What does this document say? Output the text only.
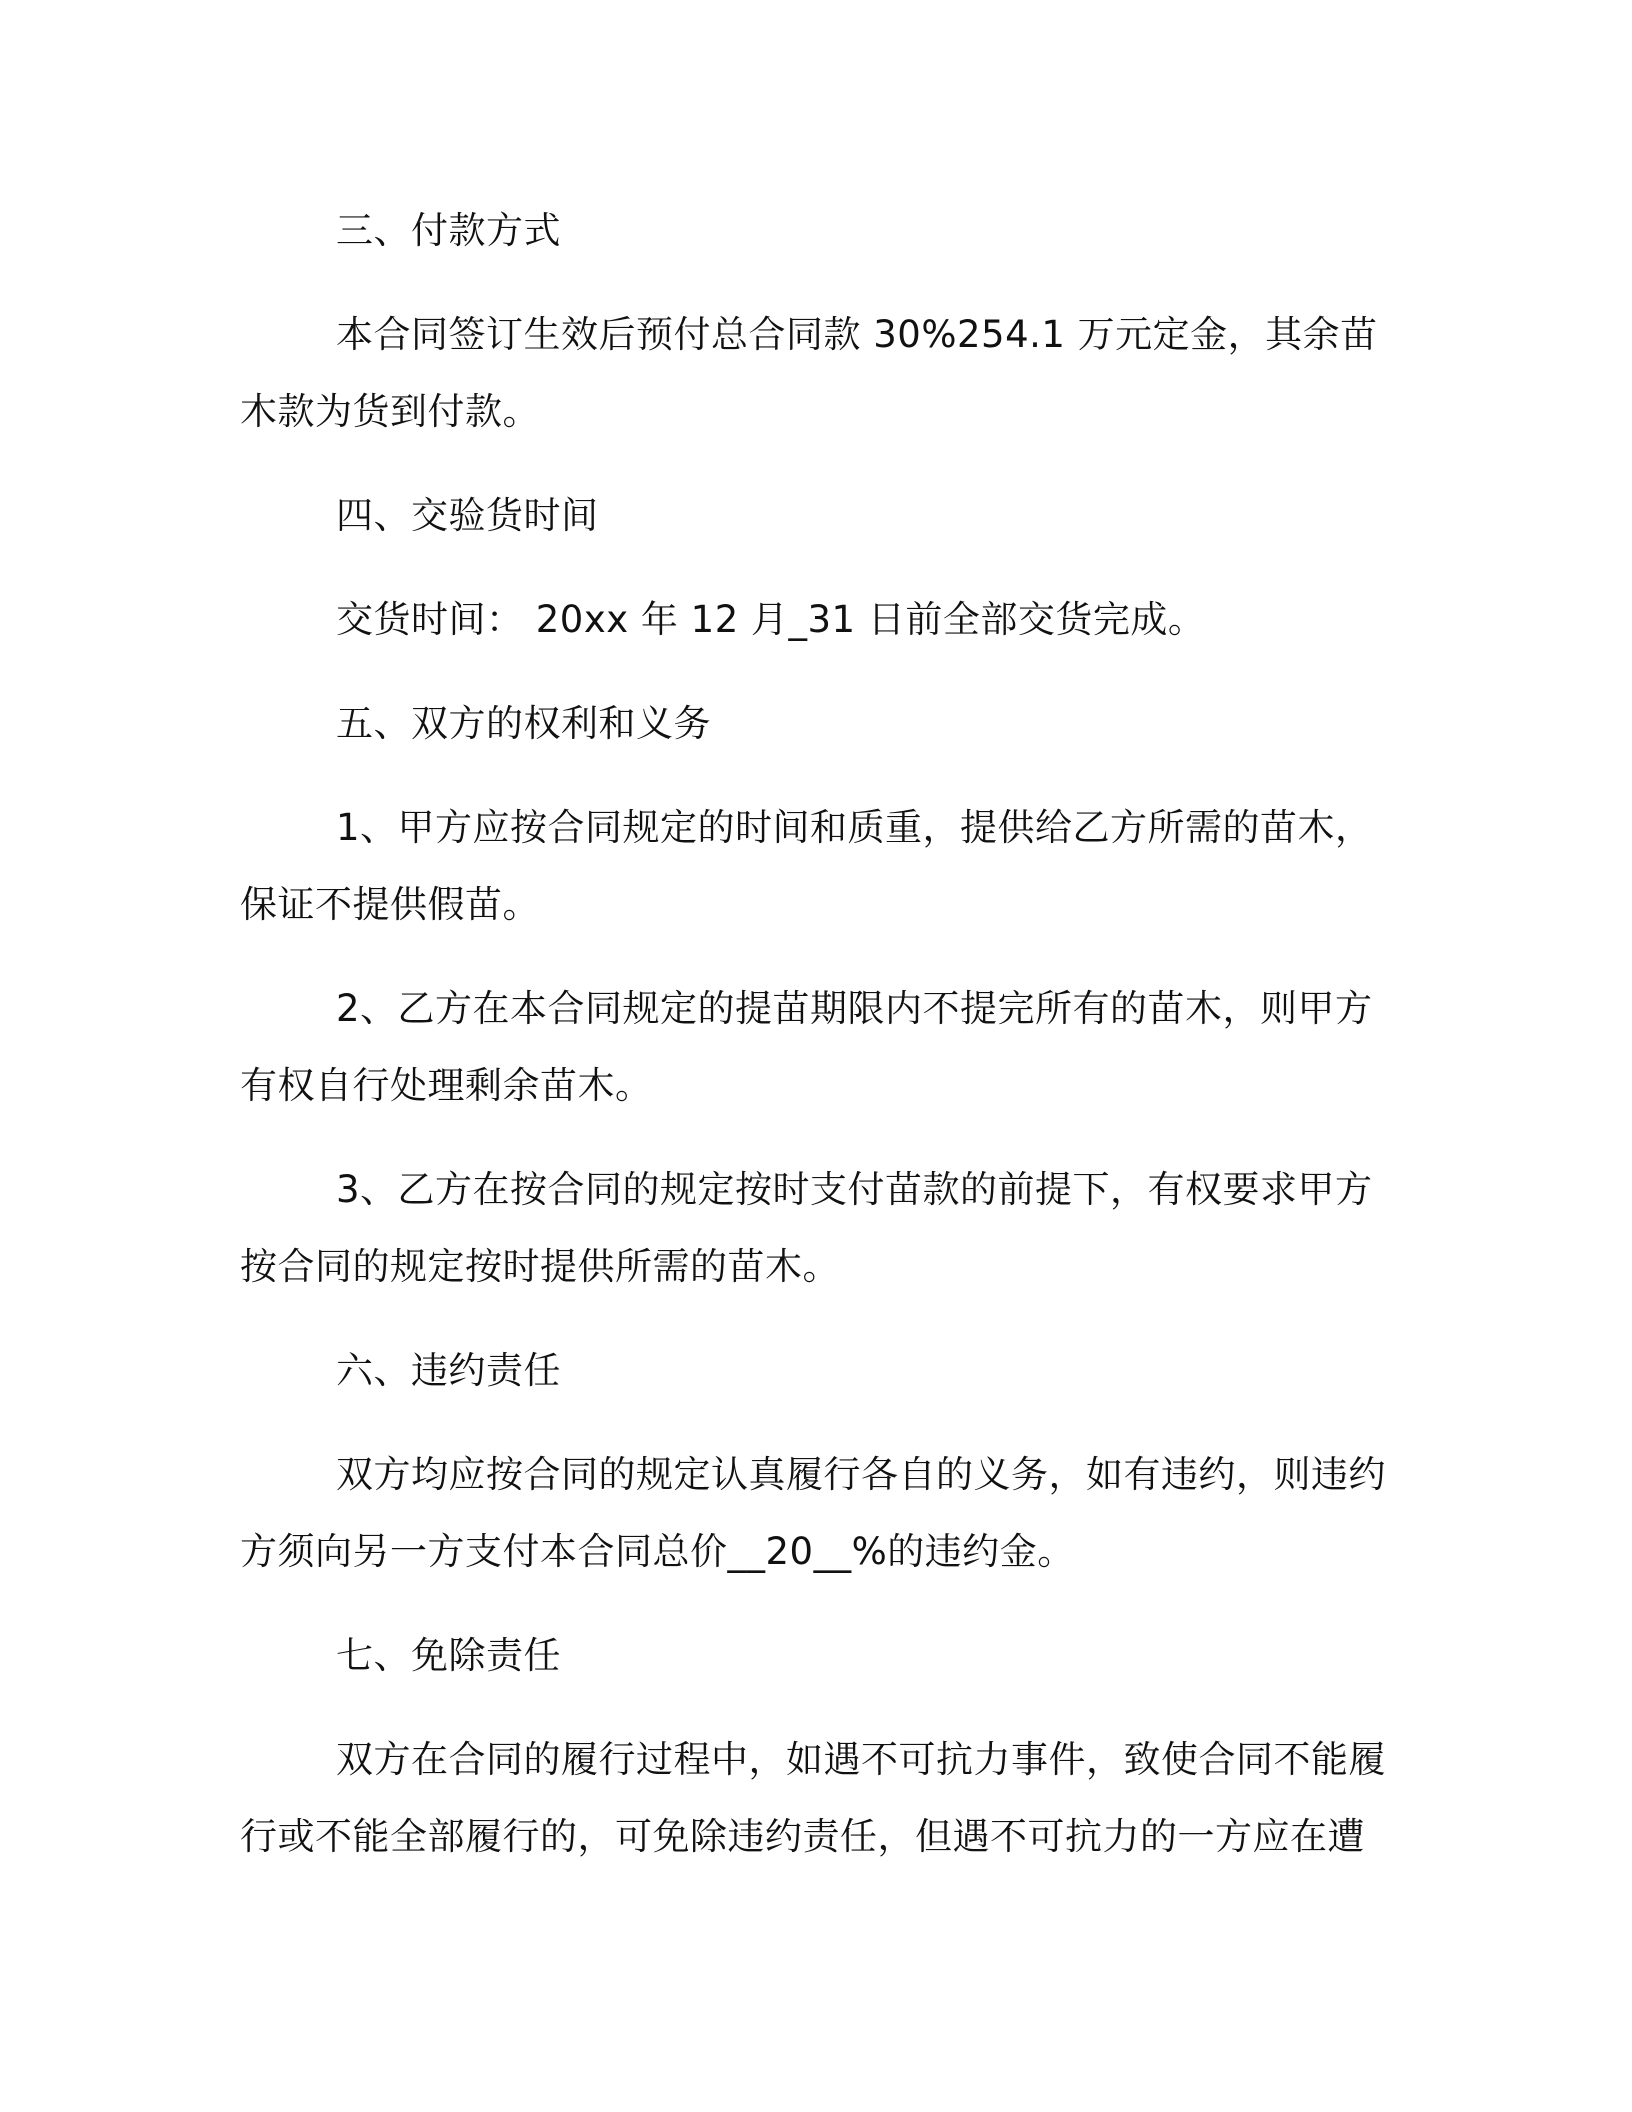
三、付款方式

本合同签订生效后预付总合同款 30%254.1 万元定金，其余苗木款为货到付款。

四、交验货时间

交货时间： 20xx 年 12 月_31 日前全部交货完成。

五、双方的权利和义务

1、甲方应按合同规定的时间和质重，提供给乙方所需的苗木，保证不提供假苗。

2、乙方在本合同规定的提苗期限内不提完所有的苗木，则甲方有权自行处理剩余苗木。

3、乙方在按合同的规定按时支付苗款的前提下，有权要求甲方按合同的规定按时提供所需的苗木。

六、违约责任

双方均应按合同的规定认真履行各自的义务，如有违约，则违约方须向另一方支付本合同总价__20__%的违约金。

七、免除责任

双方在合同的履行过程中，如遇不可抗力事件，致使合同不能履行或不能全部履行的，可免除违约责任，但遇不可抗力的一方应在遭
